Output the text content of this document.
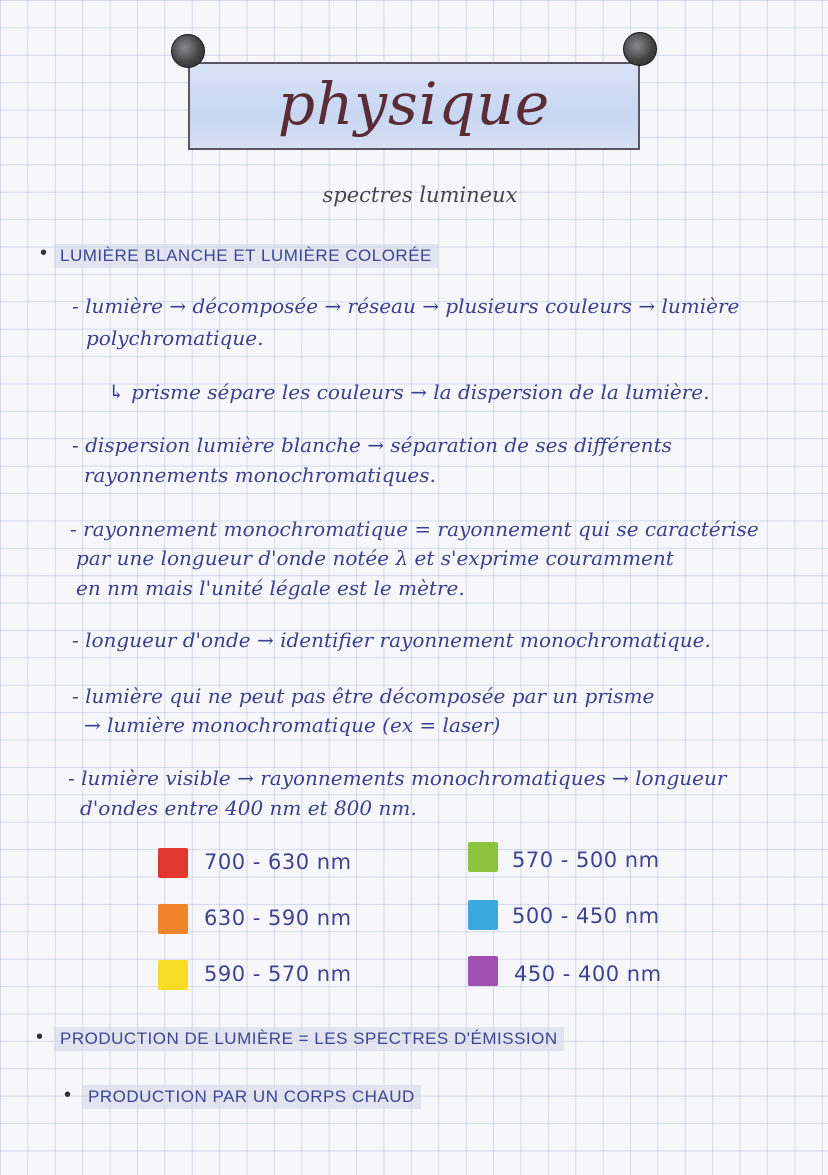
physique
spectres lumineux
• LUMIÈRE BLANCHE ET LUMIÈRE COLORÉE
- lumière → décomposée → réseau → plusieurs couleurs → lumière
polychromatique.
↳ prisme sépare les couleurs → la dispersion de la lumière.
- dispersion lumière blanche → séparation de ses différents
rayonnements monochromatiques.
- rayonnement monochromatique = rayonnement qui se caractérise
par une longueur d'onde notée λ et s'exprime couramment
en nm mais l'unité légale est le mètre.
- longueur d'onde → identifier rayonnement monochromatique.
- lumière qui ne peut pas être décomposée par un prisme
→ lumière monochromatique (ex = laser)
- lumière visible → rayonnements monochromatiques → longueur
d'ondes entre 400 nm et 800 nm.
700 - 630 nm
630 - 590 nm
590 - 570 nm
570 - 500 nm
500 - 450 nm
450 - 400 nm
• PRODUCTION DE LUMIÈRE = LES SPECTRES D'ÉMISSION
• PRODUCTION PAR UN CORPS CHAUD
